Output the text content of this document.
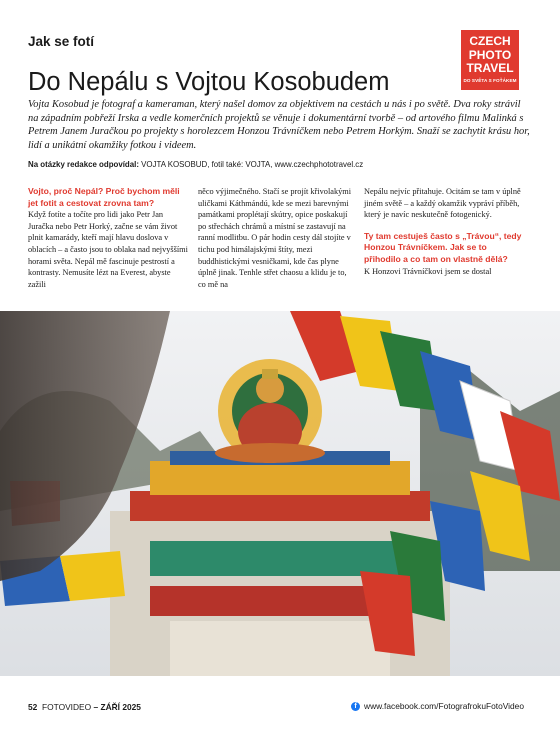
Jak se fotí	CZECH
PHOTO
TRAVEL
DO SVĚTA S FOŤÁKEM
Do Nepálu s Vojtou Kosobudem
Vojta Kosobud je fotograf a kameraman, který našel domov za objektivem na cestách u nás i po světě. Dva roky strávil na západním pobřeží Irska a vedle komerčních projektů se věnuje i dokumentární tvorbě – od artového filmu Malinká s Petrem Janem Juračkou po projekty s horolezcem Honzou Trávníčkem nebo Petrem Horkým. Snaží se zachytit krásu hor, lidí a unikátní okamžiky fotkou i videem.
Na otázky redakce odpovídal: VOJTA KOSOBUD, fotil také: VOJTA, www.czechphototravel.cz

Vojto, proč Nepál? Proč bychom měli jet fotit a cestovat zrovna tam?

Když fotíte a točíte pro lidi jako Petr Jan Juračka nebo Petr Horký, začne se vám život plnit kamarády, kteří mají hlavu doslova v oblacích – a často jsou to oblaka nad nejvyššími horami světa. Nepál mě fascinuje pestrostí a kontrasty. Nemusíte lézt na Everest, abyste zažili

něco výjimečného. Stačí se projít křivolakými uličkami Káthmándú, kde se mezi barevnými památkami proplétají skútry, opice poskakují po střechách chrámů a místní se zastavují na ranní modlitbu. O pár hodin cesty dál stojíte v tichu pod himálajskými štíty, mezi buddhistickými vesničkami, kde čas plyne úplně jinak. Tenhle střet chaosu a klidu je to, co mě na

Nepálu nejvíc přitahuje. Ocitám se tam v úplně jiném světě – a každý okamžik vypráví příběh, který je navíc neskutečně fotogenický.

Ty tam cestuješ často s „Trávou“, tedy Honzou Trávníčkem. Jak se to přihodilo a co tam on vlastně dělá?

K Honzovi Trávníčkovi jsem se dostal

52 FOTOVIDEO – ZÁŘÍ 2025	f www.facebook.com/FotografrokuFotoVideo
